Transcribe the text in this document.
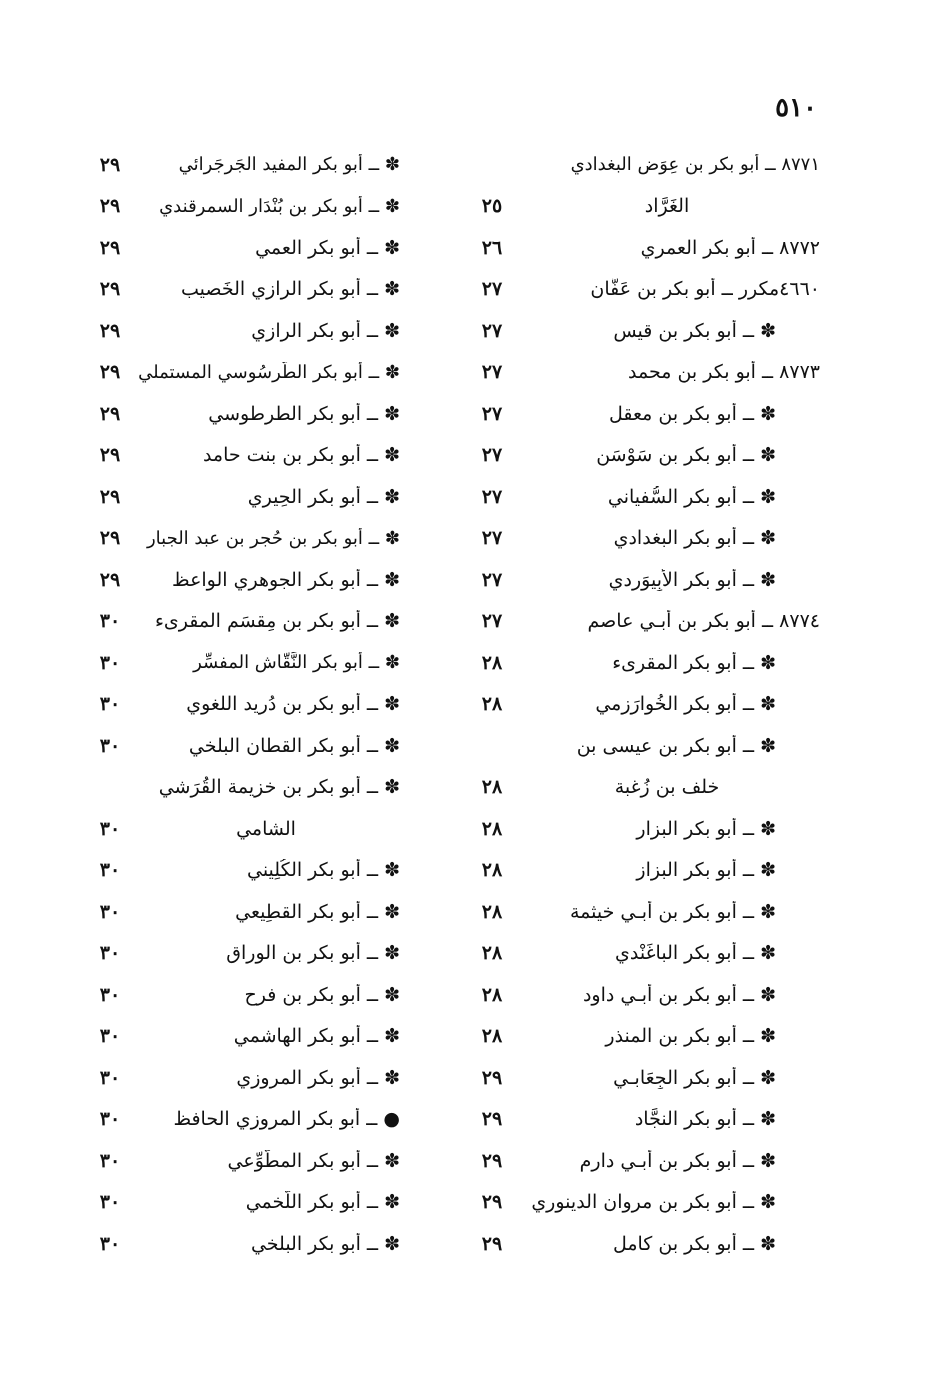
٥١٠
٨٧٧١ ــ أبو بكر بن عِوَض البغدادي
الغَرَّاد
٢٥
٨٧٧٢ ــ أبو بكر العمري
٢٦
٤٦٦٠مكرر ــ أبو بكر بن عَفَّان
٢٧
✽ ــ أبو بكر بن قيس
٢٧
٨٧٧٣ ــ أبو بكر بن محمد
٢٧
✽ ــ أبو بكر بن معقل
٢٧
✽ ــ أبو بكر بن سَوْسَن
٢٧
✽ ــ أبو بكر السُّفياني
٢٧
✽ ــ أبو بكر البغدادي
٢٧
✽ ــ أبو بكر الأَبِيوَردي
٢٧
٨٧٧٤ ــ أبو بكر بن أبـي عاصم
٢٧
✽ ــ أبو بكر المقرىء
٢٨
✽ ــ أبو بكر الخُوارَزمي
٢٨
✽ ــ أبو بكر بن عيسى بن
خلف بن زُغبة
٢٨
✽ ــ أبو بكر البزار
٢٨
✽ ــ أبو بكر البزاز
٢٨
✽ ــ أبو بكر بن أبـي خيثمة
٢٨
✽ ــ أبو بكر الباغَنْدي
٢٨
✽ ــ أبو بكر بن أبـي داود
٢٨
✽ ــ أبو بكر بن المنذر
٢٨
✽ ــ أبو بكر الجِعَابـي
٢٩
✽ ــ أبو بكر النجَّاد
٢٩
✽ ــ أبو بكر بن أبـي دارِم
٢٩
✽ ــ أبو بكر بن مروان الدينوري
٢٩
✽ ــ أبو بكر بن كامل
٢٩
✽ ــ أبو بكر المفيد الجَرجَرائي
٢٩
✽ ــ أبو بكر بن بُنْدَار السمرقندي
٢٩
✽ ــ أبو بكر العمي
٢٩
✽ ــ أبو بكر الرازي الخَصيب
٢٩
✽ ــ أبو بكر الرازي
٢٩
✽ ــ أبو بكر الطَّرسُوسي المستملي
٢٩
✽ ــ أبو بكر الطرطوسي
٢٩
✽ ــ أبو بكر بن بنت حامد
٢٩
✽ ــ أبو بكر الحِيري
٢٩
✽ ــ أبو بكر بن حُجر بن عبد الجبار
٢٩
✽ ــ أبو بكر الجوهري الواعظ
٢٩
✽ ــ أبو بكر بن مِقسَم المقرىء
٣٠
✽ ــ أبو بكر النَّقَّاش المفسِّر
٣٠
✽ ــ أبو بكر بن دُريد اللغوي
٣٠
✽ ــ أبو بكر القطان البلخي
٣٠
✽ ــ أبو بكر بن خزيمة القُرَشي
الشامي
٣٠
✽ ــ أبو بكر الكُلِيني
٣٠
✽ ــ أبو بكر القطِيعي
٣٠
✽ ــ أبو بكر بن الوراق
٣٠
✽ ــ أبو بكر بن فرح
٣٠
✽ ــ أبو بكر الهاشمي
٣٠
✽ ــ أبو بكر المروزي
٣٠
● ــ أبو بكر المروزي الحافظ
٣٠
✽ ــ أبو بكر المطَّوِّعي
٣٠
✽ ــ أبو بكر اللَّخمي
٣٠
✽ ــ أبو بكر البلخي
٣٠
